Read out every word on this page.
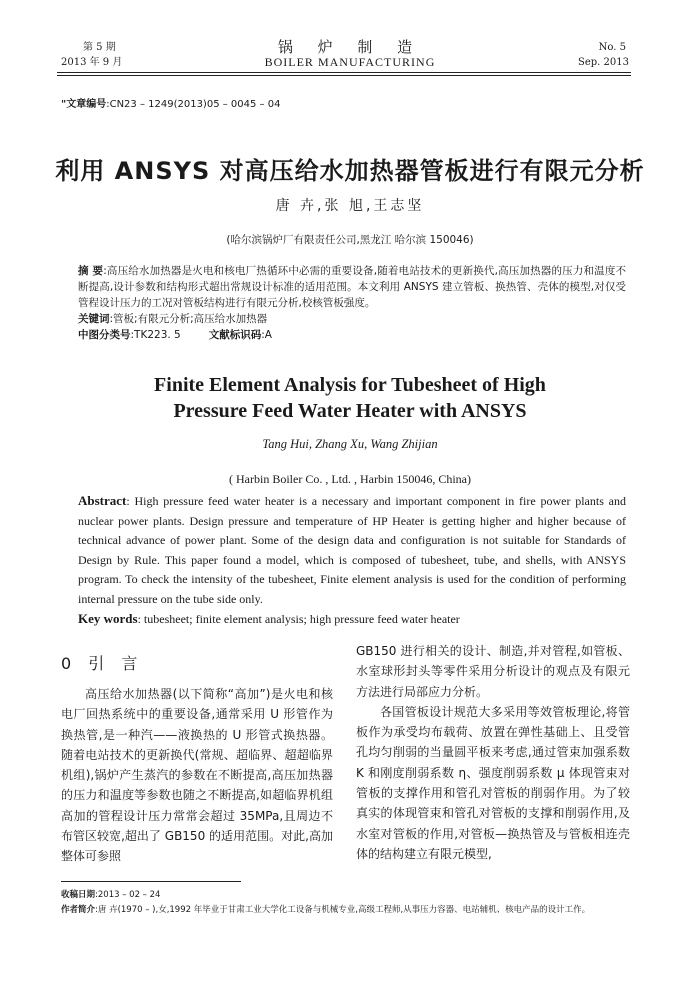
第 5 期
2013 年 9 月
锅 炉 制 造
BOILER MANUFACTURING
No. 5
Sep. 2013
"文章编号:CN23 – 1249(2013)05 – 0045 – 04
利用 ANSYS 对高压给水加热器管板进行有限元分析
唐 卉,张 旭,王志坚
(哈尔滨锅炉厂有限责任公司,黑龙江 哈尔滨 150046)
摘 要:高压给水加热器是火电和核电厂热循环中必需的重要设备,随着电站技术的更新换代,高压加热器的压力和温度不断提高,设计参数和结构形式超出常规设计标准的适用范围。本文利用 ANSYS 建立管板、换热管、壳体的模型,对仅受管程设计压力的工况对管板结构进行有限元分析,校核管板强度。
关键词:管板;有限元分析;高压给水加热器
中图分类号:TK223. 5	文献标识码:A
Finite Element Analysis for Tubesheet of High Pressure Feed Water Heater with ANSYS
Tang Hui, Zhang Xu, Wang Zhijian
( Harbin Boiler Co. , Ltd. , Harbin 150046, China)
Abstract: High pressure feed water heater is a necessary and important component in fire power plants and nuclear power plants. Design pressure and temperature of HP Heater is getting higher and higher because of technical advance of power plant. Some of the design data and configuration is not suitable for Standards of Design by Rule. This paper found a model, which is composed of tubesheet, tube, and shells, with ANSYS program. To check the intensity of the tubesheet, Finite element analysis is used for the condition of performing internal pressure on the tube side only.
Key words: tubesheet; finite element analysis; high pressure feed water heater
0 引 言

高压给水加热器(以下简称“高加”)是火电和核电厂回热系统中的重要设备,通常采用 U 形管作为换热管,是一种汽——液换热的 U 形管式换热器。随着电站技术的更新换代(常规、超临界、超超临界机组),锅炉产生蒸汽的参数在不断提高,高压加热器的压力和温度等参数也随之不断提高,如超临界机组高加的管程设计压力常常会超过 35MPa,且周边不布管区较宽,超出了 GB150 的适用范围。对此,高加整体可参照

GB150 进行相关的设计、制造,并对管程,如管板、水室球形封头等零件采用分析设计的观点及有限元方法进行局部应力分析。

各国管板设计规范大多采用等效管板理论,将管板作为承受均布载荷、放置在弹性基础上、且受管孔均匀削弱的当量圆平板来考虑,通过管束加强系数 K 和刚度削弱系数 η、强度削弱系数 μ 体现管束对管板的支撑作用和管孔对管板的削弱作用。为了较真实的体现管束和管孔对管板的支撑和削弱作用,及水室对管板的作用,对管板—换热管及与管板相连壳体的结构建立有限元模型,

收稿日期:2013 – 02 – 24
作者简介:唐 卉(1970 – ),女,1992 年毕业于甘肃工业大学化工设备与机械专业,高级工程师,从事压力容器、电站辅机、核电产品的设计工作。
